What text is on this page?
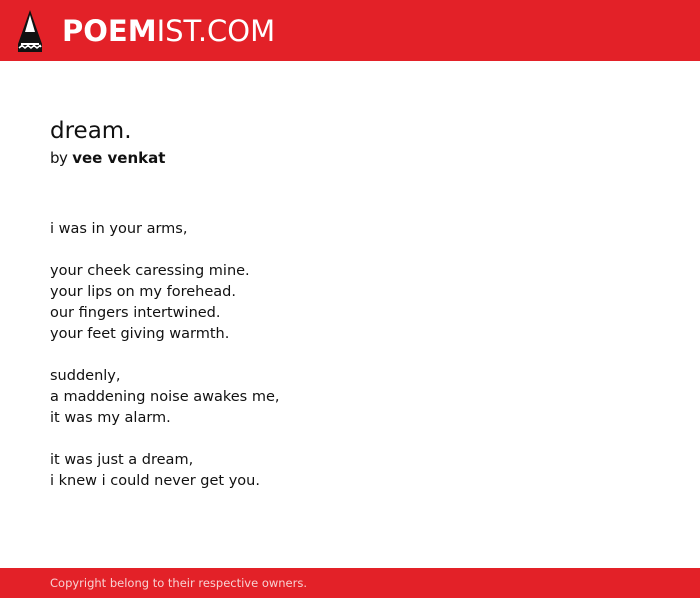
POEMIST.COM
dream.
by vee venkat
i was in your arms,
your cheek caressing mine.
your lips on my forehead.
our fingers intertwined.
your feet giving warmth.
suddenly,
a maddening noise awakes me,
it was my alarm.
it was just a dream,
i knew i could never get you.
Copyright belong to their respective owners.
